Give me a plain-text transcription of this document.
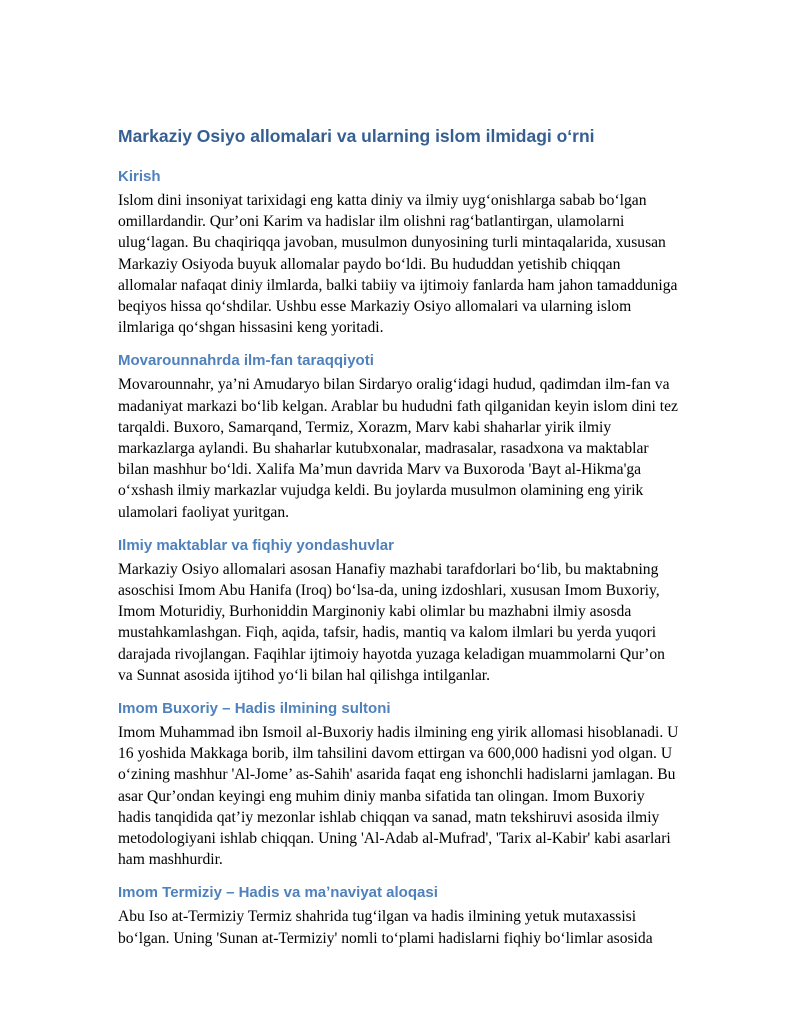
Markaziy Osiyo allomalari va ularning islom ilmidagi oʻrni
Kirish

Islom dini insoniyat tarixidagi eng katta diniy va ilmiy uygʻonishlarga sabab boʻlgan
omillardandir. Qurʼoni Karim va hadislar ilm olishni ragʻbatlantirgan, ulamolarni
ulugʻlagan. Bu chaqiriqqa javoban, musulmon dunyosining turli mintaqalarida, xususan
Markaziy Osiyoda buyuk allomalar paydo boʻldi. Bu hududdan yetishib chiqqan
allomalar nafaqat diniy ilmlarda, balki tabiiy va ijtimoiy fanlarda ham jahon tamadduniga
beqiyos hissa qoʻshdilar. Ushbu esse Markaziy Osiyo allomalari va ularning islom
ilmlariga qoʻshgan hissasini keng yoritadi.

Movarounnahrda ilm-fan taraqqiyoti

Movarounnahr, yaʼni Amudaryo bilan Sirdaryo oraligʻidagi hudud, qadimdan ilm-fan va
madaniyat markazi boʻlib kelgan. Arablar bu hududni fath qilganidan keyin islom dini tez
tarqaldi. Buxoro, Samarqand, Termiz, Xorazm, Marv kabi shaharlar yirik ilmiy
markazlarga aylandi. Bu shaharlar kutubxonalar, madrasalar, rasadxona va maktablar
bilan mashhur boʻldi. Xalifa Maʼmun davrida Marv va Buxoroda 'Bayt al-Hikma'ga
oʻxshash ilmiy markazlar vujudga keldi. Bu joylarda musulmon olamining eng yirik
ulamolari faoliyat yuritgan.

Ilmiy maktablar va fiqhiy yondashuvlar

Markaziy Osiyo allomalari asosan Hanafiy mazhabi tarafdorlari boʻlib, bu maktabning
asoschisi Imom Abu Hanifa (Iroq) boʻlsa-da, uning izdoshlari, xususan Imom Buxoriy,
Imom Moturidiy, Burhoniddin Marginoniy kabi olimlar bu mazhabni ilmiy asosda
mustahkamlashgan. Fiqh, aqida, tafsir, hadis, mantiq va kalom ilmlari bu yerda yuqori
darajada rivojlangan. Faqihlar ijtimoiy hayotda yuzaga keladigan muammolarni Qurʼon
va Sunnat asosida ijtihod yoʻli bilan hal qilishga intilganlar.

Imom Buxoriy – Hadis ilmining sultoni

Imom Muhammad ibn Ismoil al-Buxoriy hadis ilmining eng yirik allomasi hisoblanadi. U
16 yoshida Makkaga borib, ilm tahsilini davom ettirgan va 600,000 hadisni yod olgan. U
oʻzining mashhur 'Al-Jome’ as-Sahih' asarida faqat eng ishonchli hadislarni jamlagan. Bu
asar Qurʼondan keyingi eng muhim diniy manba sifatida tan olingan. Imom Buxoriy
hadis tanqidida qatʼiy mezonlar ishlab chiqqan va sanad, matn tekshiruvi asosida ilmiy
metodologiyani ishlab chiqqan. Uning 'Al-Adab al-Mufrad', 'Tarix al-Kabir' kabi asarlari
ham mashhurdir.

Imom Termiziy – Hadis va maʼnaviyat aloqasi

Abu Iso at-Termiziy Termiz shahrida tugʻilgan va hadis ilmining yetuk mutaxassisi
boʻlgan. Uning 'Sunan at-Termiziy' nomli toʻplami hadislarni fiqhiy boʻlimlar asosida
